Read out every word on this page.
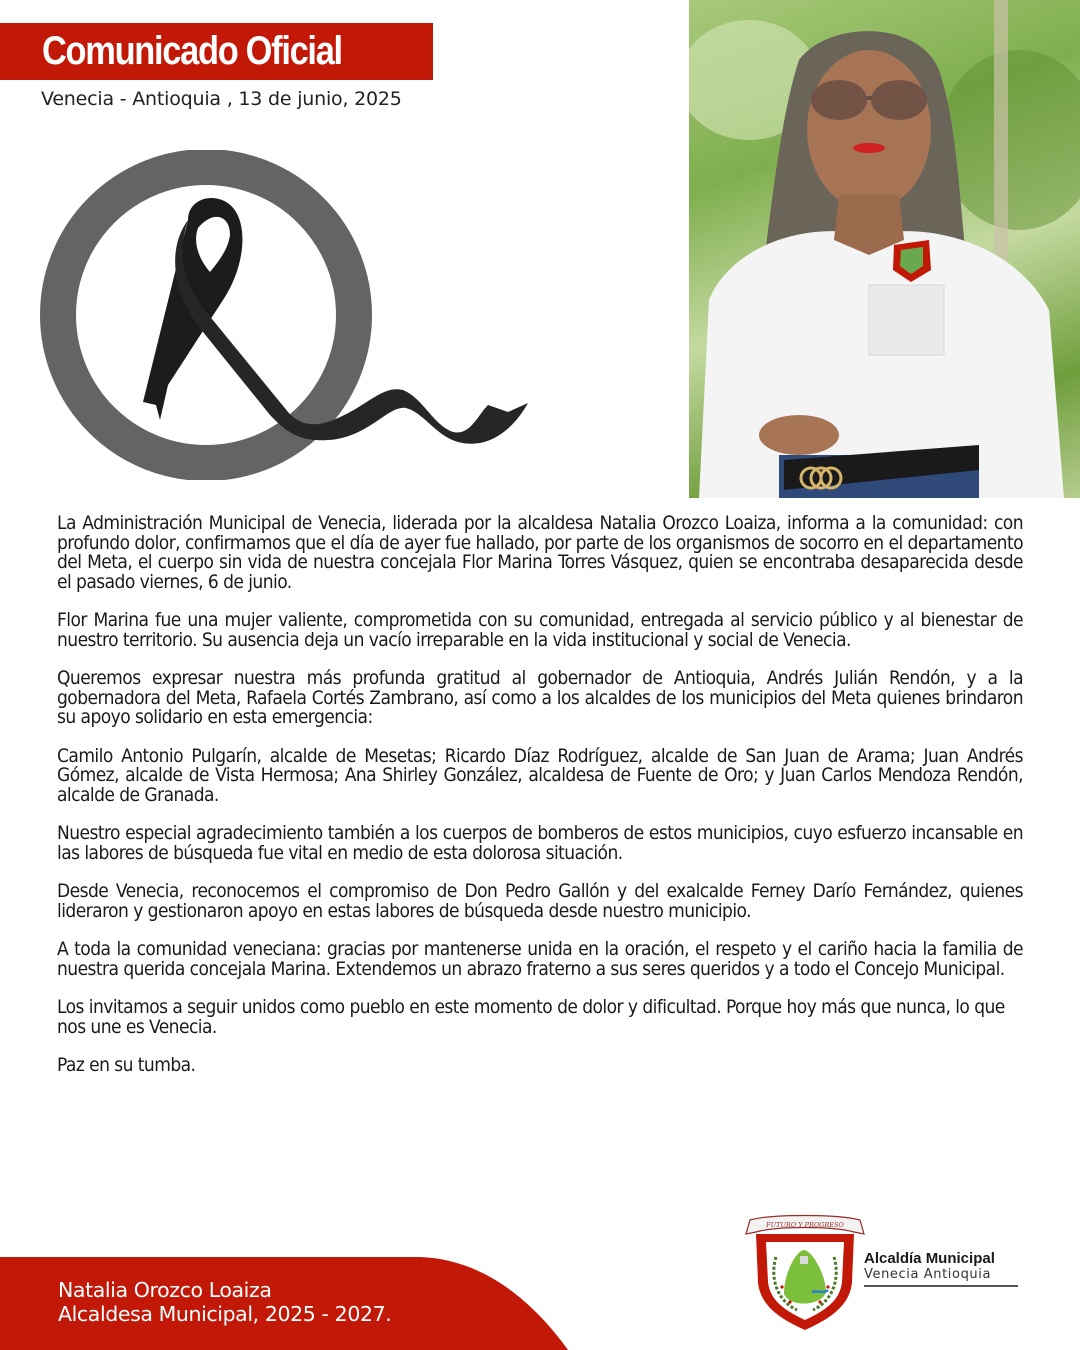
Comunicado Oficial
Venecia - Antioquia , 13 de junio, 2025

La Administración Municipal de Venecia, liderada por la alcaldesa Natalia Orozco Loaiza, informa a la comunidad: con profundo dolor, confirmamos que el día de ayer fue hallado, por parte de los organismos de socorro en el departamento del Meta, el cuerpo sin vida de nuestra concejala Flor Marina Torres Vásquez, quien se encontraba desaparecida desde el pasado viernes, 6 de junio.

Flor Marina fue una mujer valiente, comprometida con su comunidad, entregada al servicio público y al bienestar de nuestro territorio. Su ausencia deja un vacío irreparable en la vida institucional y social de Venecia.

Queremos expresar nuestra más profunda gratitud al gobernador de Antioquia, Andrés Julián Rendón, y a la gobernadora del Meta, Rafaela Cortés Zambrano, así como a los alcaldes de los municipios del Meta quienes brindaron su apoyo solidario en esta emergencia:

Camilo Antonio Pulgarín, alcalde de Mesetas; Ricardo Díaz Rodríguez, alcalde de San Juan de Arama; Juan Andrés Gómez, alcalde de Vista Hermosa; Ana Shirley González, alcaldesa de Fuente de Oro; y Juan Carlos Mendoza Rendón, alcalde de Granada.

Nuestro especial agradecimiento también a los cuerpos de bomberos de estos municipios, cuyo esfuerzo incansable en las labores de búsqueda fue vital en medio de esta dolorosa situación.

Desde Venecia, reconocemos el compromiso de Don Pedro Gallón y del exalcalde Ferney Darío Fernández, quienes lideraron y gestionaron apoyo en estas labores de búsqueda desde nuestro municipio.

A toda la comunidad veneciana: gracias por mantenerse unida en la oración, el respeto y el cariño hacia la familia de nuestra querida concejala Marina. Extendemos un abrazo fraterno a sus seres queridos y a todo el Concejo Municipal.

Los invitamos a seguir unidos como pueblo en este momento de dolor y dificultad. Porque hoy más que nunca, lo que nos une es Venecia.

Paz en su tumba.

Natalia Orozco Loaiza
Alcaldesa Municipal, 2025 - 2027.
FUTURO Y PROGRESO
Alcaldía Municipal
Venecia Antioquia
